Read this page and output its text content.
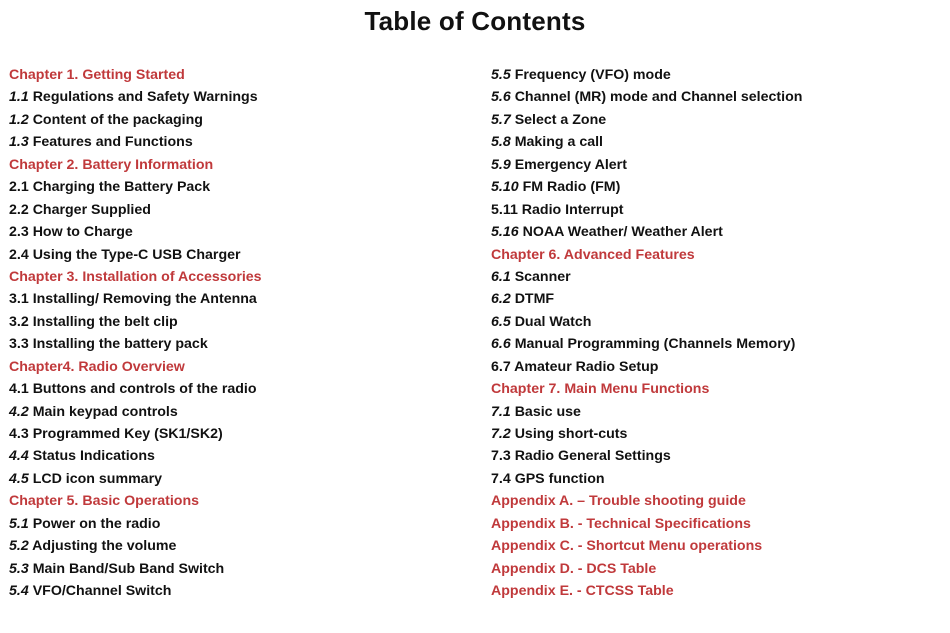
Table of Contents
Chapter 1. Getting Started
1.1 Regulations and Safety Warnings
1.2 Content of the packaging
1.3 Features and Functions
Chapter 2. Battery Information
2.1 Charging the Battery Pack
2.2 Charger Supplied
2.3 How to Charge
2.4 Using the Type-C USB Charger
Chapter 3. Installation of Accessories
3.1 Installing/ Removing the Antenna
3.2 Installing the belt clip
3.3 Installing the battery pack
Chapter4. Radio Overview
4.1 Buttons and controls of the radio
4.2 Main keypad controls
4.3 Programmed Key (SK1/SK2)
4.4 Status Indications
4.5 LCD icon summary
Chapter 5. Basic Operations
5.1 Power on the radio
5.2 Adjusting the volume
5.3 Main Band/Sub Band Switch
5.4 VFO/Channel Switch
5.5 Frequency (VFO) mode
5.6 Channel (MR) mode and Channel selection
5.7 Select a Zone
5.8 Making a call
5.9 Emergency Alert
5.10 FM Radio (FM)
5.11 Radio Interrupt
5.16 NOAA Weather/ Weather Alert
Chapter 6. Advanced Features
6.1 Scanner
6.2 DTMF
6.5 Dual Watch
6.6 Manual Programming (Channels Memory)
6.7 Amateur Radio Setup
Chapter 7. Main Menu Functions
7.1 Basic use
7.2 Using short-cuts
7.3 Radio General Settings
7.4 GPS function
Appendix A. – Trouble shooting guide
Appendix B. - Technical Specifications
Appendix C. - Shortcut Menu operations
Appendix D. - DCS Table
Appendix E. - CTCSS Table
